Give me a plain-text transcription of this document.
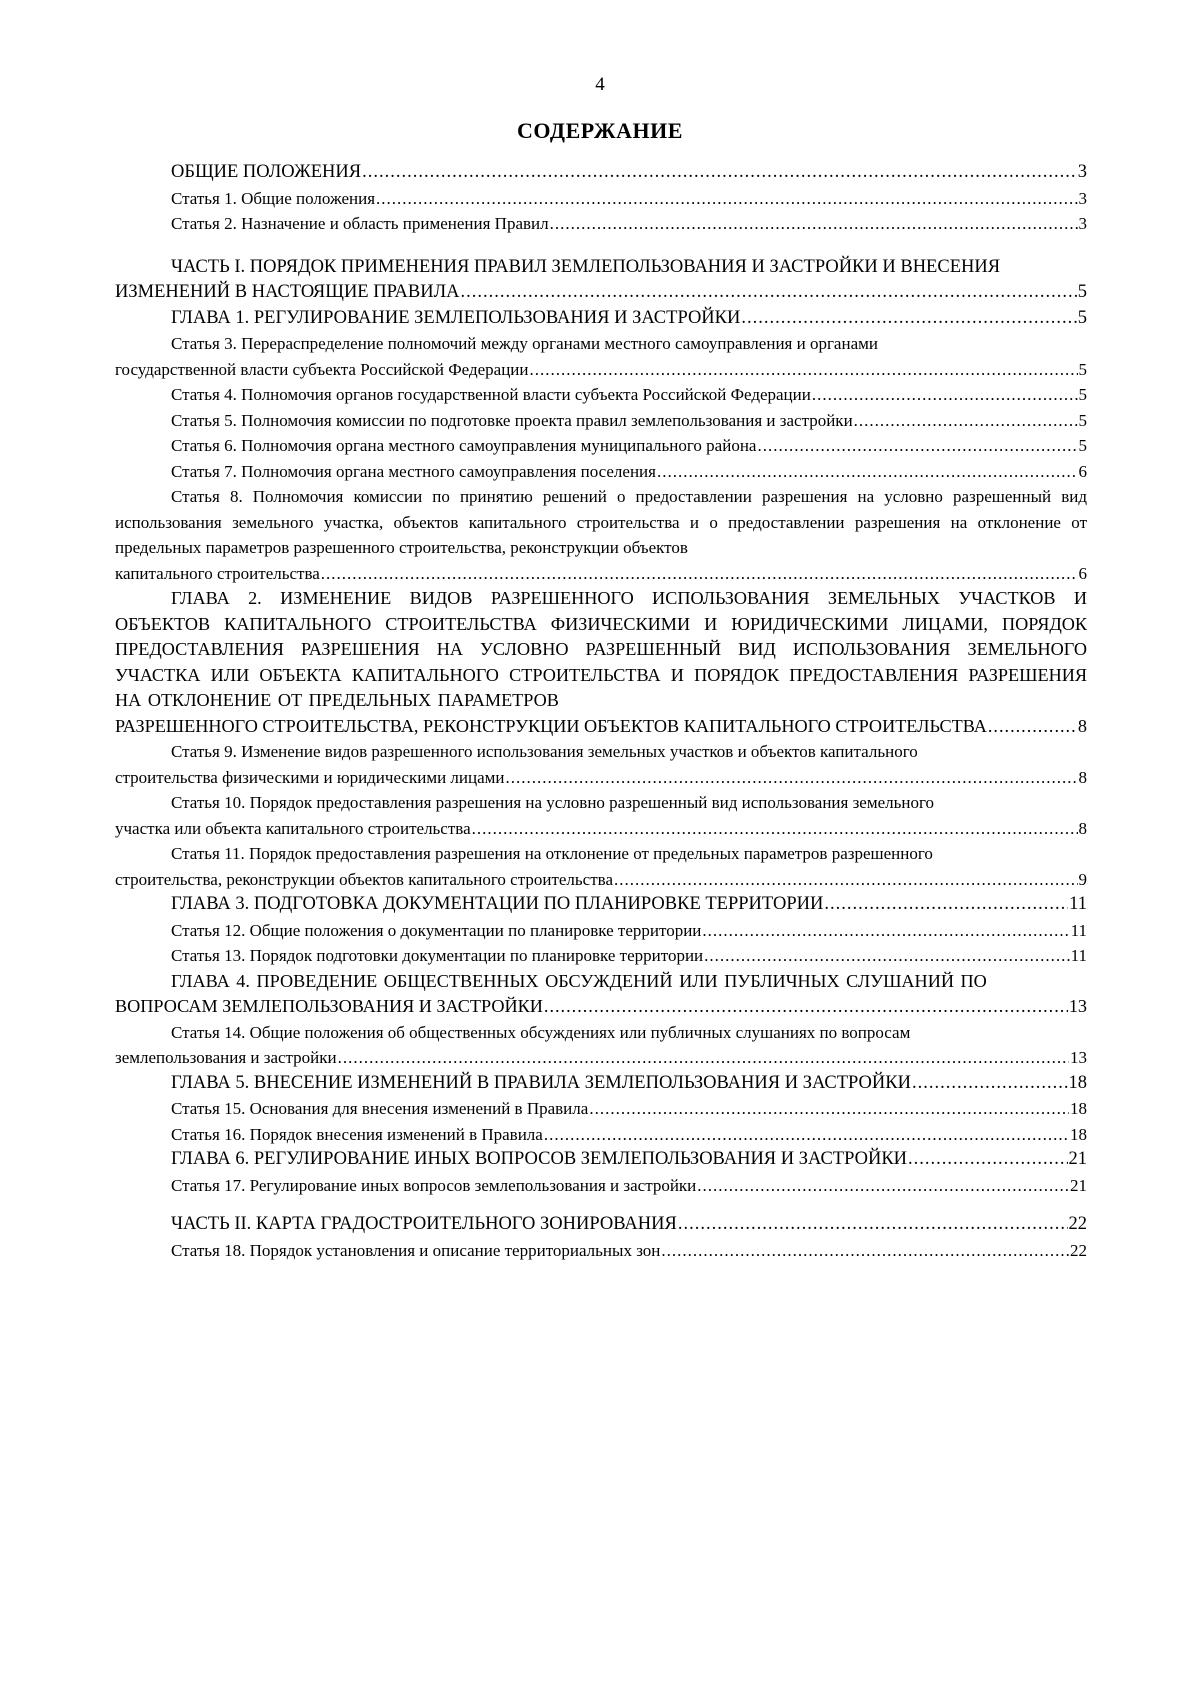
4
СОДЕРЖАНИЕ
ОБЩИЕ ПОЛОЖЕНИЯ .....	3
Статья 1. Общие положения .....	3
Статья 2. Назначение и область применения Правил .....	3
ЧАСТЬ I. ПОРЯДОК ПРИМЕНЕНИЯ ПРАВИЛ ЗЕМЛЕПОЛЬЗОВАНИЯ И ЗАСТРОЙКИ И ВНЕСЕНИЯ
ИЗМЕНЕНИЙ В НАСТОЯЩИЕ ПРАВИЛА .....	5
ГЛАВА 1. РЕГУЛИРОВАНИЕ ЗЕМЛЕПОЛЬЗОВАНИЯ И ЗАСТРОЙКИ .....	5
Статья 3. Перераспределение полномочий между органами местного самоуправления и органами
государственной власти субъекта Российской Федерации .....	5
Статья 4. Полномочия органов государственной власти субъекта Российской Федерации .....	5
Статья 5. Полномочия комиссии по подготовке проекта правил землепользования и застройки .....	5
Статья 6. Полномочия органа местного самоуправления муниципального района .....	5
Статья 7. Полномочия органа местного самоуправления поселения .....	6
Статья 8. Полномочия комиссии по принятию решений о предоставлении разрешения на условно разрешенный вид использования земельного участка, объектов капитального строительства и о предоставлении разрешения на отклонение от предельных параметров разрешенного строительства, реконструкции объектов
капитального строительства .....	6
ГЛАВА 2. ИЗМЕНЕНИЕ ВИДОВ РАЗРЕШЕННОГО ИСПОЛЬЗОВАНИЯ ЗЕМЕЛЬНЫХ УЧАСТКОВ И ОБЪЕКТОВ КАПИТАЛЬНОГО СТРОИТЕЛЬСТВА ФИЗИЧЕСКИМИ И ЮРИДИЧЕСКИМИ ЛИЦАМИ, ПОРЯДОК ПРЕДОСТАВЛЕНИЯ РАЗРЕШЕНИЯ НА УСЛОВНО РАЗРЕШЕННЫЙ ВИД ИСПОЛЬЗОВАНИЯ ЗЕМЕЛЬНОГО УЧАСТКА ИЛИ ОБЪЕКТА КАПИТАЛЬНОГО СТРОИТЕЛЬСТВА И ПОРЯДОК ПРЕДОСТАВЛЕНИЯ РАЗРЕШЕНИЯ НА ОТКЛОНЕНИЕ ОТ ПРЕДЕЛЬНЫХ ПАРАМЕТРОВ
РАЗРЕШЕННОГО СТРОИТЕЛЬСТВА, РЕКОНСТРУКЦИИ ОБЪЕКТОВ КАПИТАЛЬНОГО СТРОИТЕЛЬСТВА .....	8
Статья 9. Изменение видов разрешенного использования земельных участков и объектов капитального
строительства физическими и юридическими лицами .....	8
Статья 10. Порядок предоставления разрешения на условно разрешенный вид использования земельного
участка или объекта капитального строительства .....	8
Статья 11. Порядок предоставления разрешения на отклонение от предельных параметров разрешенного
строительства, реконструкции объектов капитального строительства .....	9
ГЛАВА 3. ПОДГОТОВКА ДОКУМЕНТАЦИИ ПО ПЛАНИРОВКЕ ТЕРРИТОРИИ .....	11
Статья 12. Общие положения о документации по планировке территории .....	11
Статья 13. Порядок подготовки документации по планировке территории .....	11
ГЛАВА 4. ПРОВЕДЕНИЕ ОБЩЕСТВЕННЫХ ОБСУЖДЕНИЙ ИЛИ ПУБЛИЧНЫХ СЛУШАНИЙ ПО
ВОПРОСАМ ЗЕМЛЕПОЛЬЗОВАНИЯ И ЗАСТРОЙКИ .....	13
Статья 14. Общие положения об общественных обсуждениях или публичных слушаниях по вопросам
землепользования и застройки .....	13
ГЛАВА 5. ВНЕСЕНИЕ ИЗМЕНЕНИЙ В ПРАВИЛА ЗЕМЛЕПОЛЬЗОВАНИЯ И ЗАСТРОЙКИ .....	18
Статья 15. Основания для внесения изменений в Правила .....	18
Статья 16. Порядок внесения изменений в Правила .....	18
ГЛАВА 6. РЕГУЛИРОВАНИЕ ИНЫХ ВОПРОСОВ ЗЕМЛЕПОЛЬЗОВАНИЯ И ЗАСТРОЙКИ .....	21
Статья 17. Регулирование иных вопросов землепользования и застройки .....	21
ЧАСТЬ II. КАРТА ГРАДОСТРОИТЕЛЬНОГО ЗОНИРОВАНИЯ .....	22
Статья 18. Порядок установления и описание территориальных зон .....	22
